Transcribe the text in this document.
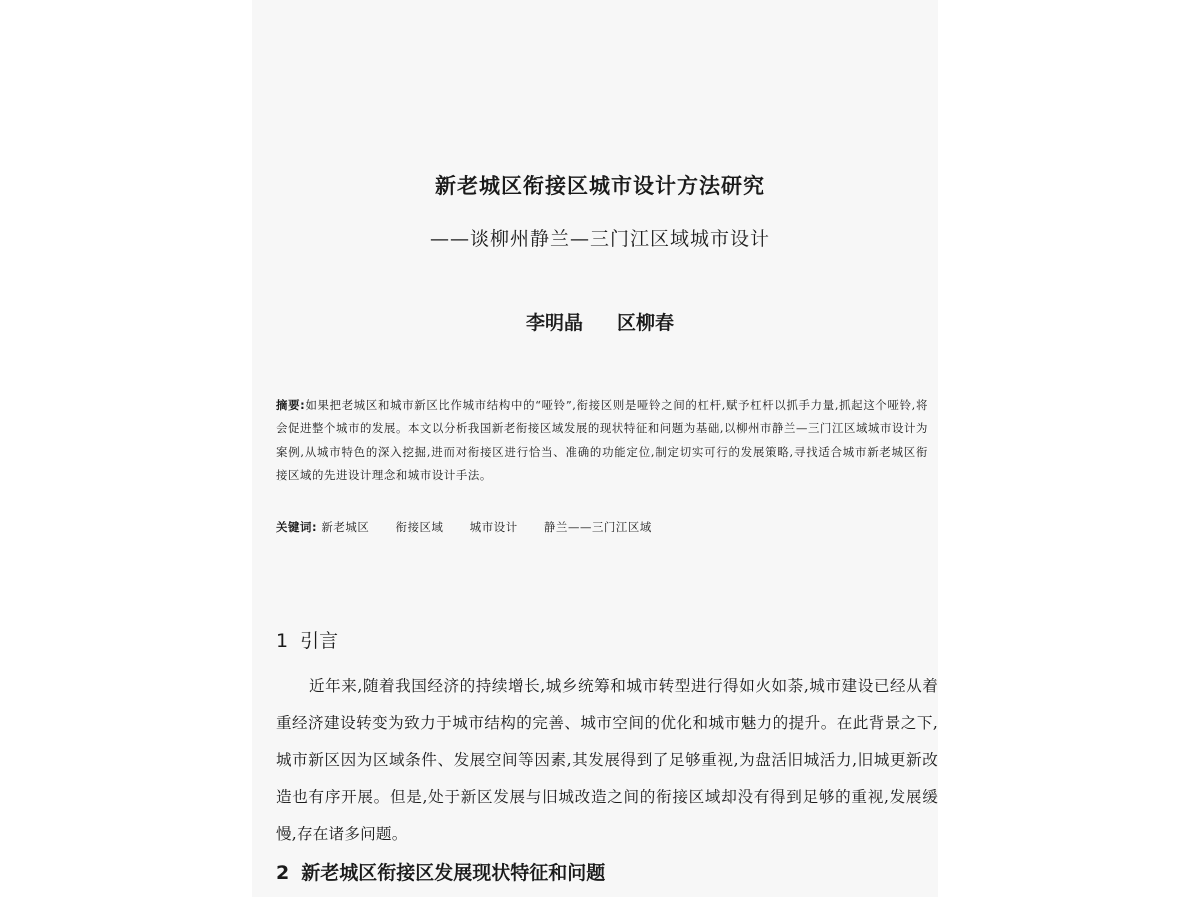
新老城区衔接区城市设计方法研究

——谈柳州静兰—三门江区域城市设计

李明晶 区柳春

摘要:如果把老城区和城市新区比作城市结构中的“哑铃”,衔接区则是哑铃之间的杠杆,赋予杠杆以抓手力量,抓起这个哑铃,将会促进整个城市的发展。本文以分析我国新老衔接区域发展的现状特征和问题为基础,以柳州市静兰—三门江区域城市设计为案例,从城市特色的深入挖掘,进而对衔接区进行恰当、准确的功能定位,制定切实可行的发展策略,寻找适合城市新老城区衔接区域的先进设计理念和城市设计手法。

关键词: 新老城区 衔接区域 城市设计 静兰——三门江区域

1 引言

近年来,随着我国经济的持续增长,城乡统筹和城市转型进行得如火如荼,城市建设已经从着重经济建设转变为致力于城市结构的完善、城市空间的优化和城市魅力的提升。在此背景之下,城市新区因为区域条件、发展空间等因素,其发展得到了足够重视,为盘活旧城活力,旧城更新改造也有序开展。但是,处于新区发展与旧城改造之间的衔接区域却没有得到足够的重视,发展缓慢,存在诸多问题。

2 新老城区衔接区发展现状特征和问题
